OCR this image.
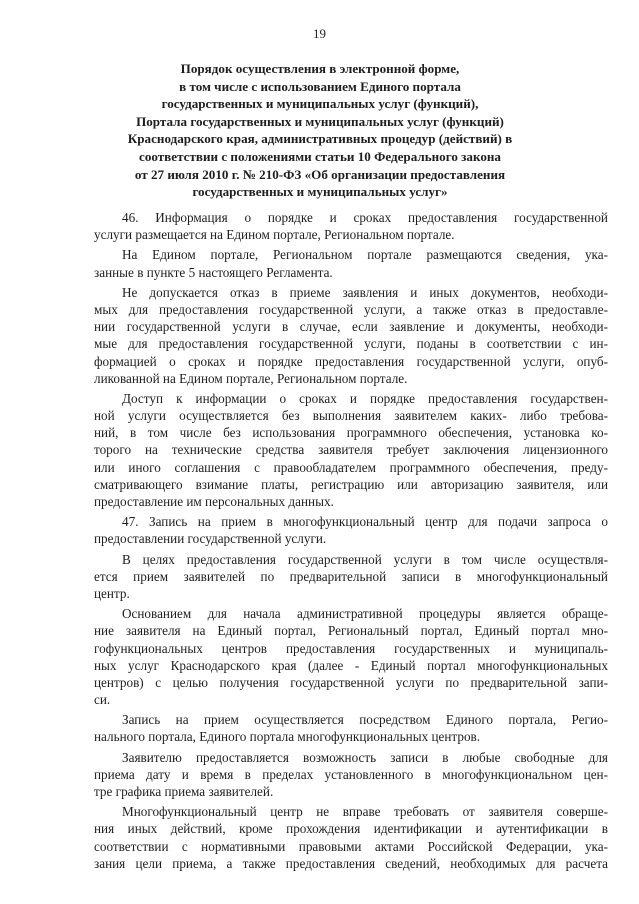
19
Порядок осуществления в электронной форме,
в том числе с использованием Единого портала
государственных и муниципальных услуг (функций),
Портала государственных и муниципальных услуг (функций)
Краснодарского края, административных процедур (действий) в
соответствии с положениями статьи 10 Федерального закона
от 27 июля 2010 г. № 210-ФЗ «Об организации предоставления
государственных и муниципальных услуг»
46. Информация о порядке и сроках предоставления государственной
услуги размещается на Едином портале, Региональном портале.
На Едином портале, Региональном портале размещаются сведения, ука-
занные в пункте 5 настоящего Регламента.
Не допускается отказ в приеме заявления и иных документов, необходи-
мых для предоставления государственной услуги, а также отказ в предоставле-
нии государственной услуги в случае, если заявление и документы, необходи-
мые для предоставления государственной услуги, поданы в соответствии с ин-
формацией о сроках и порядке предоставления государственной услуги, опуб-
ликованной на Едином портале, Региональном портале.
Доступ к информации о сроках и порядке предоставления государствен-
ной услуги осуществляется без выполнения заявителем каких- либо требова-
ний, в том числе без использования программного обеспечения, установка ко-
торого на технические средства заявителя требует заключения лицензионного
или иного соглашения с правообладателем программного обеспечения, преду-
сматривающего взимание платы, регистрацию или авторизацию заявителя, или
предоставление им персональных данных.
47. Запись на прием в многофункциональный центр для подачи запроса о
предоставлении государственной услуги.
В целях предоставления государственной услуги в том числе осуществля-
ется прием заявителей по предварительной записи в многофункциональный
центр.
Основанием для начала административной процедуры является обраще-
ние заявителя на Единый портал, Региональный портал, Единый портал мно-
гофункциональных центров предоставления государственных и муниципаль-
ных услуг Краснодарского края (далее - Единый портал многофункциональных
центров) с целью получения государственной услуги по предварительной запи-
си.
Запись на прием осуществляется посредством Единого портала, Регио-
нального портала, Единого портала многофункциональных центров.
Заявителю предоставляется возможность записи в любые свободные для
приема дату и время в пределах установленного в многофункциональном цен-
тре графика приема заявителей.
Многофункциональный центр не вправе требовать от заявителя соверше-
ния иных действий, кроме прохождения идентификации и аутентификации в
соответствии с нормативными правовыми актами Российской Федерации, ука-
зания цели приема, а также предоставления сведений, необходимых для расчета
